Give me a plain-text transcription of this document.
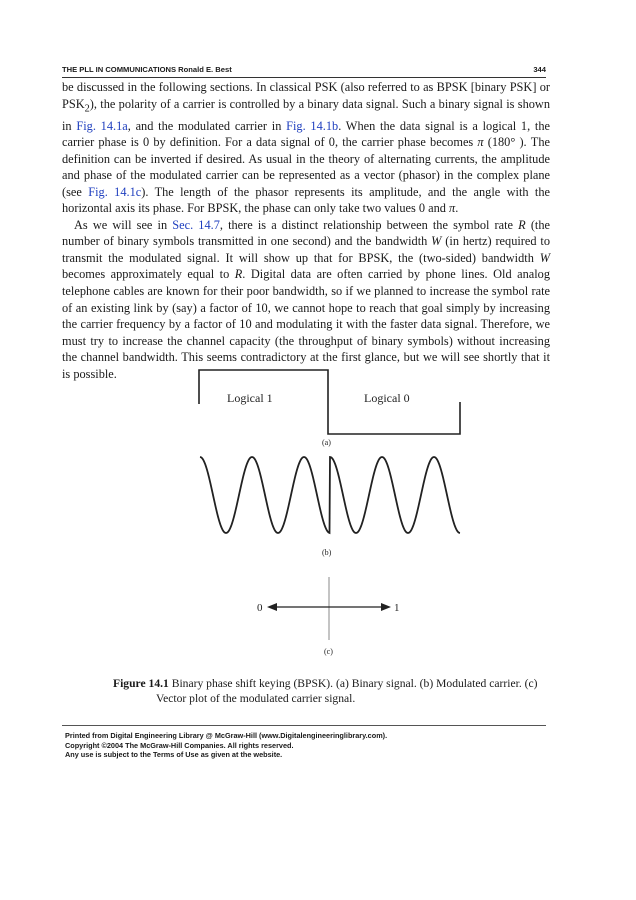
THE PLL IN COMMUNICATIONS Ronald E. Best	344

be discussed in the following sections. In classical PSK (also referred to as BPSK [binary PSK] or $PSK_2$), the polarity of a carrier is controlled by a binary data signal. Such a binary signal is shown in Fig. 14.1a, and the modulated carrier in Fig. 14.1b. When the data signal is a logical 1, the carrier phase is 0 by definition. For a data signal of 0, the carrier phase becomes π (180° ). The definition can be inverted if desired. As usual in the theory of alternating currents, the amplitude and phase of the modulated carrier can be represented as a vector (phasor) in the complex plane (see Fig. 14.1c). The length of the phasor represents its amplitude, and the angle with the horizontal axis its phase. For BPSK, the phase can only take two values 0 and π.

As we will see in Sec. 14.7, there is a distinct relationship between the symbol rate R (the number of binary symbols transmitted in one second) and the bandwidth W (in hertz) required to transmit the modulated signal. It will show up that for BPSK, the (two-sided) bandwidth W becomes approximately equal to R. Digital data are often carried by phone lines. Old analog telephone cables are known for their poor bandwidth, so if we planned to increase the symbol rate of an existing link by (say) a factor of 10, we cannot hope to reach that goal simply by increasing the carrier frequency by a factor of 10 and modulating it with the faster data signal. Therefore, we must try to increase the channel capacity (the throughput of binary symbols) without increasing the channel bandwidth. This seems contradictory at the first glance, but we will see shortly that it is possible.

Logical 1	Logical 0
(a)
(b)
0	1
(c)
Figure 14.1 Binary phase shift keying (BPSK). (a) Binary signal. (b) Modulated carrier. (c)
Vector plot of the modulated carrier signal.
Printed from Digital Engineering Library @ McGraw-Hill (www.Digitalengineeringlibrary.com).
Copyright ©2004 The McGraw-Hill Companies. All rights reserved.
Any use is subject to the Terms of Use as given at the website.
